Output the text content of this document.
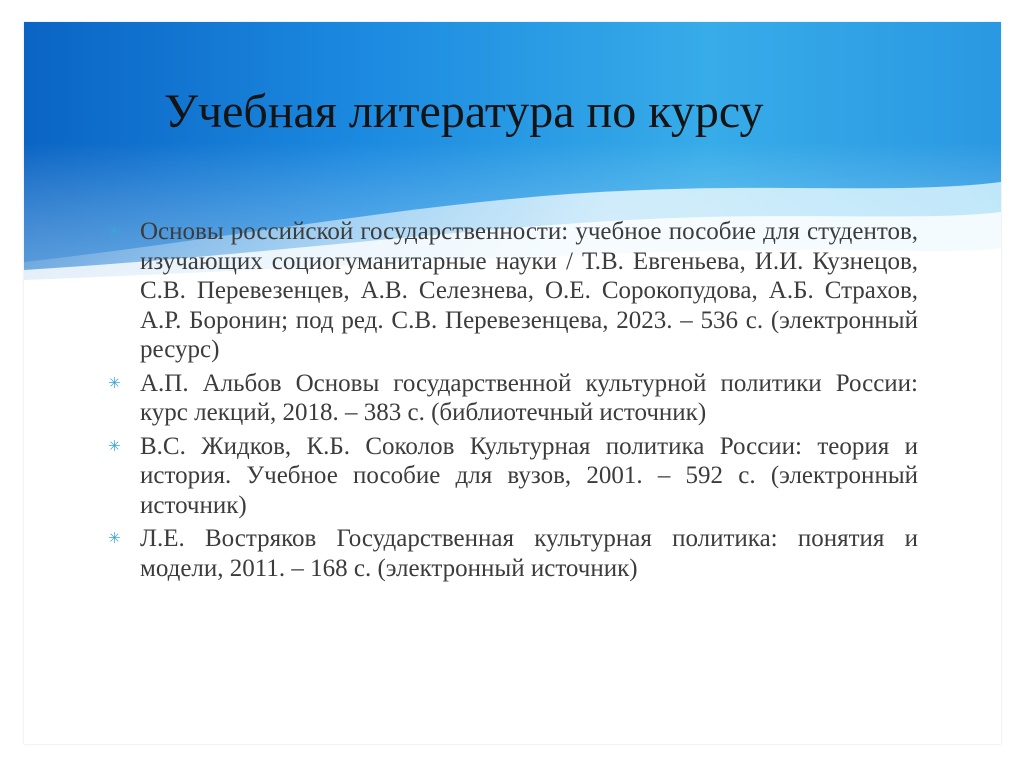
Учебная литература по курсу
✳ Основы российской государственности: учебное пособие для студентов, изучающих социогуманитарные науки / Т.В. Евгеньева, И.И. Кузнецов, С.В. Перевезенцев, А.В. Селезнева, О.Е. Сорокопудова, А.Б. Страхов, А.Р. Боронин; под ред. С.В. Перевезенцева, 2023. – 536 с. (электронный ресурс)
✳ А.П. Альбов Основы государственной культурной политики России: курс лекций, 2018. – 383 с. (библиотечный источник)
✳ В.С. Жидков, К.Б. Соколов Культурная политика России: теория и история. Учебное пособие для вузов, 2001. – 592 с. (электронный источник)
✳ Л.Е. Востряков Государственная культурная политика: понятия и модели, 2011. – 168 с. (электронный источник)
